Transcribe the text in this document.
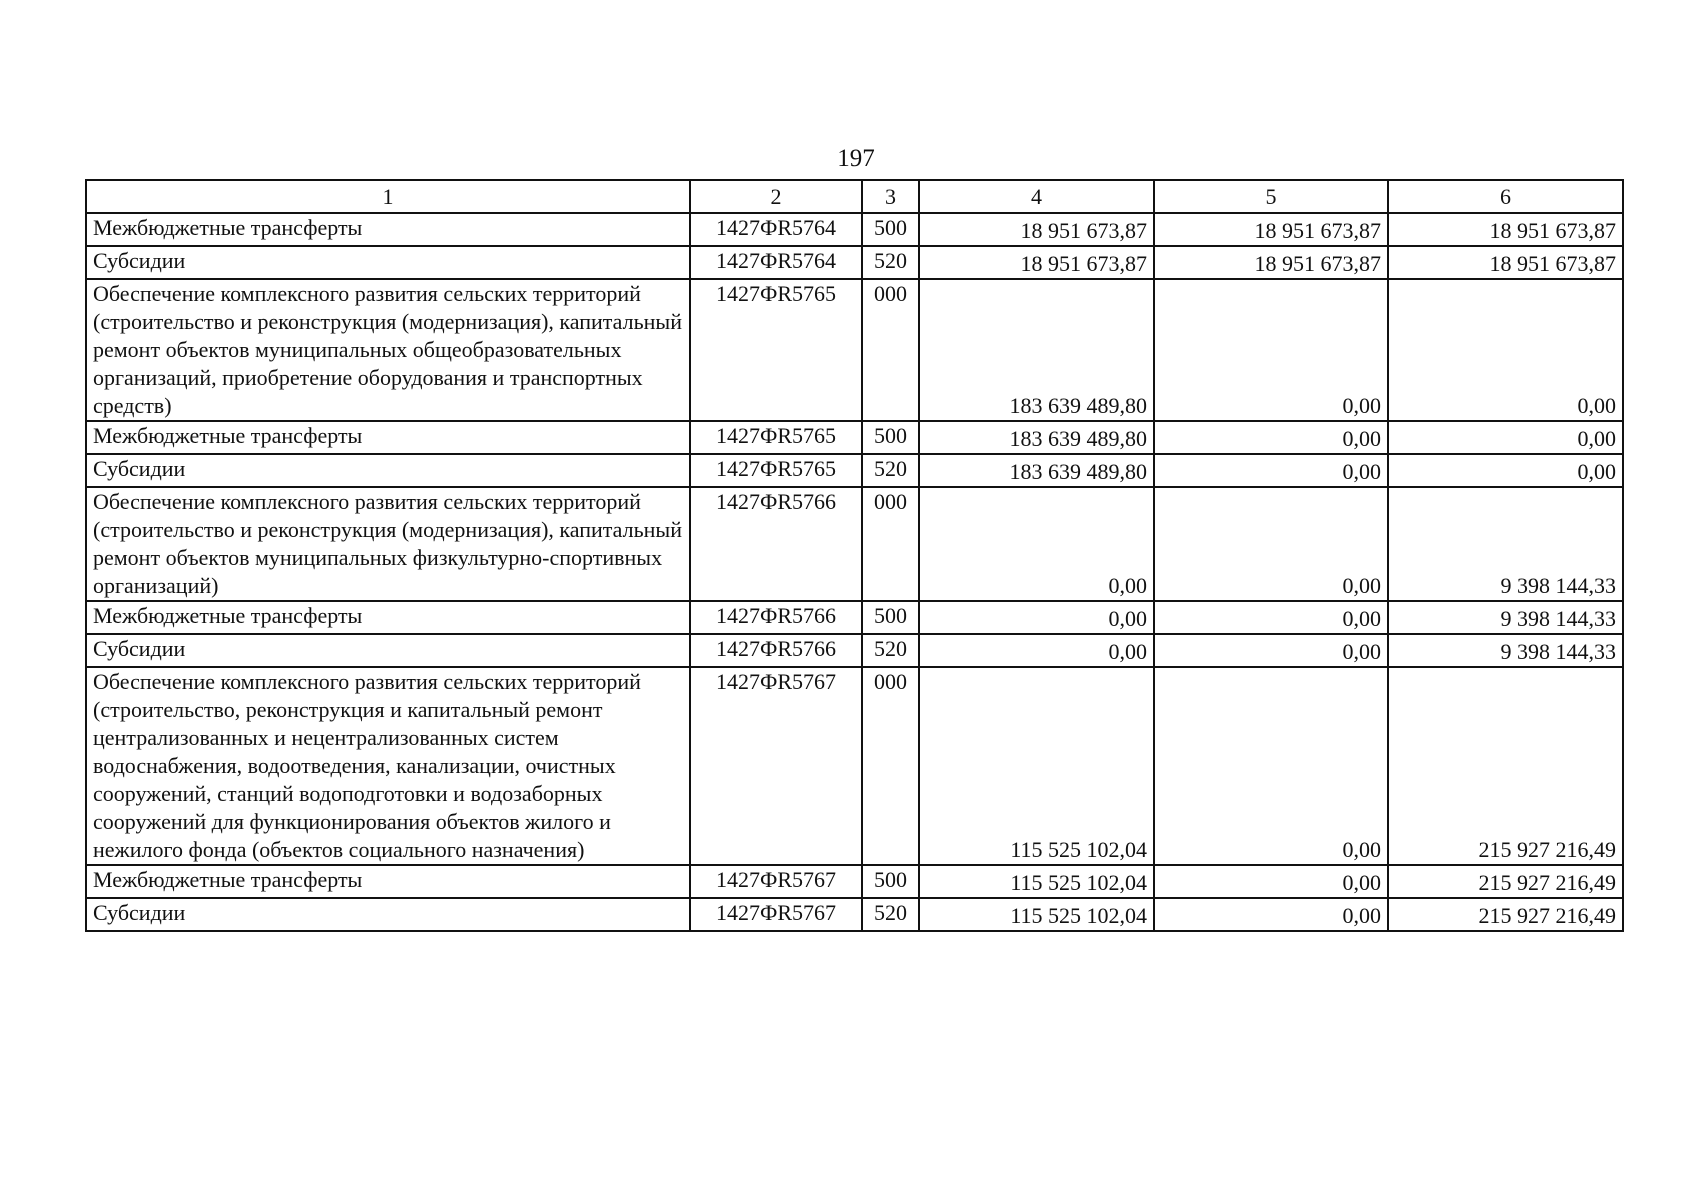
197
1	2	3	4	5	6
Межбюджетные трансферты	1427ФR5764	500	18 951 673,87	18 951 673,87	18 951 673,87
Субсидии	1427ФR5764	520	18 951 673,87	18 951 673,87	18 951 673,87
Обеспечение комплексного развития сельских территорий (строительство и реконструкция (модернизация), капитальный ремонт объектов муниципальных общеобразовательных организаций, приобретение оборудования и транспортных средств)	1427ФR5765	000	183 639 489,80	0,00	0,00
Межбюджетные трансферты	1427ФR5765	500	183 639 489,80	0,00	0,00
Субсидии	1427ФR5765	520	183 639 489,80	0,00	0,00
Обеспечение комплексного развития сельских территорий (строительство и реконструкция (модернизация), капитальный ремонт объектов муниципальных физкультурно-спортивных организаций)	1427ФR5766	000	0,00	0,00	9 398 144,33
Межбюджетные трансферты	1427ФR5766	500	0,00	0,00	9 398 144,33
Субсидии	1427ФR5766	520	0,00	0,00	9 398 144,33
Обеспечение комплексного развития сельских территорий (строительство, реконструкция и капитальный ремонт централизованных и нецентрализованных систем водоснабжения, водоотведения, канализации, очистных сооружений, станций водоподготовки и водозаборных сооружений для функционирования объектов жилого и нежилого фонда (объектов социального назначения)	1427ФR5767	000	115 525 102,04	0,00	215 927 216,49
Межбюджетные трансферты	1427ФR5767	500	115 525 102,04	0,00	215 927 216,49
Субсидии	1427ФR5767	520	115 525 102,04	0,00	215 927 216,49
